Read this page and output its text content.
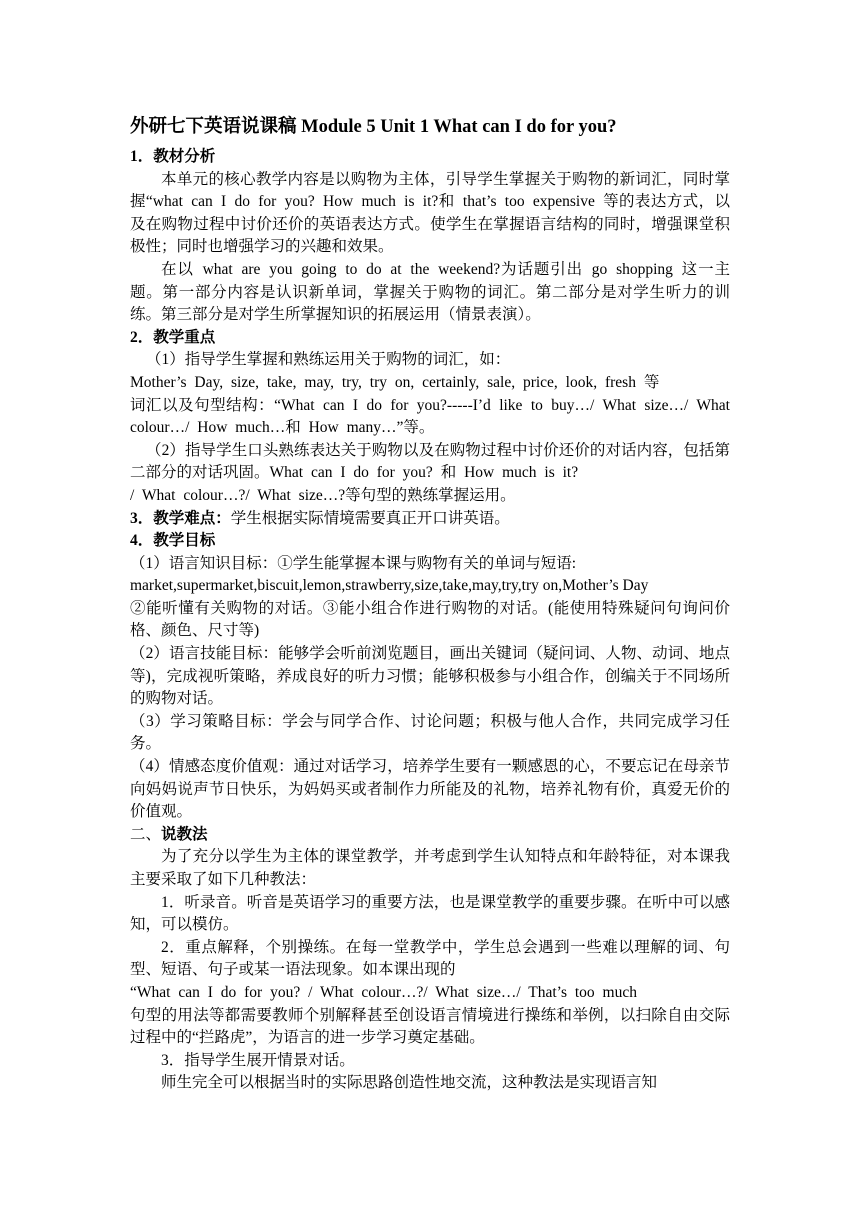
外研七下英语说课稿 Module 5 Unit 1 What can I do for you?
1．教材分析

本单元的核心教学内容是以购物为主体，引导学生掌握关于购物的新词汇，同时掌握“what can I do for you? How much is it?和 that’s too expensive 等的表达方式，以及在购物过程中讨价还价的英语表达方式。使学生在掌握语言结构的同时，增强课堂积极性；同时也增强学习的兴趣和效果。

在以 what are you going to do at the weekend?为话题引出 go shopping 这一主题。第一部分内容是认识新单词，掌握关于购物的词汇。第二部分是对学生听力的训练。第三部分是对学生所掌握知识的拓展运用（情景表演）。

2．教学重点

（1）指导学生掌握和熟练运用关于购物的词汇，如：

Mother’s Day, size, take, may, try, try on, certainly, sale, price, look, fresh 等

词汇以及句型结构：“What can I do for you?-----I’d like to buy…/ What size…/ What colour…/ How much…和 How many…”等。

（2）指导学生口头熟练表达关于购物以及在购物过程中讨价还价的对话内容，包括第二部分的对话巩固。What can I do for you? 和 How much is it?

/ What colour…?/ What size…?等句型的熟练掌握运用。

3．教学难点：学生根据实际情境需要真正开口讲英语。
4．教学目标

（1）语言知识目标：①学生能掌握本课与购物有关的单词与短语:

market,supermarket,biscuit,lemon,strawberry,size,take,may,try,try on,Mother’s Day

②能听懂有关购物的对话。③能小组合作进行购物的对话。(能使用特殊疑问句询问价格、颜色、尺寸等)

（2）语言技能目标：能够学会听前浏览题目，画出关键词（疑问词、人物、动词、地点等)，完成视听策略，养成良好的听力习惯；能够积极参与小组合作，创编关于不同场所的购物对话。

（3）学习策略目标：学会与同学合作、讨论问题；积极与他人合作，共同完成学习任务。

（4）情感态度价值观：通过对话学习，培养学生要有一颗感恩的心，不要忘记在母亲节向妈妈说声节日快乐，为妈妈买或者制作力所能及的礼物，培养礼物有价，真爱无价的价值观。

二、说教法

为了充分以学生为主体的课堂教学，并考虑到学生认知特点和年龄特征，对本课我主要采取了如下几种教法：

1．听录音。听音是英语学习的重要方法，也是课堂教学的重要步骤。在听中可以感知，可以模仿。

2．重点解释，个别操练。在每一堂教学中，学生总会遇到一些难以理解的词、句型、短语、句子或某一语法现象。如本课出现的

“What can I do for you? / What colour…?/ What size…/ That’s too much

句型的用法等都需要教师个别解释甚至创设语言情境进行操练和举例，以扫除自由交际过程中的“拦路虎”，为语言的进一步学习奠定基础。

3．指导学生展开情景对话。

师生完全可以根据当时的实际思路创造性地交流，这种教法是实现语言知
